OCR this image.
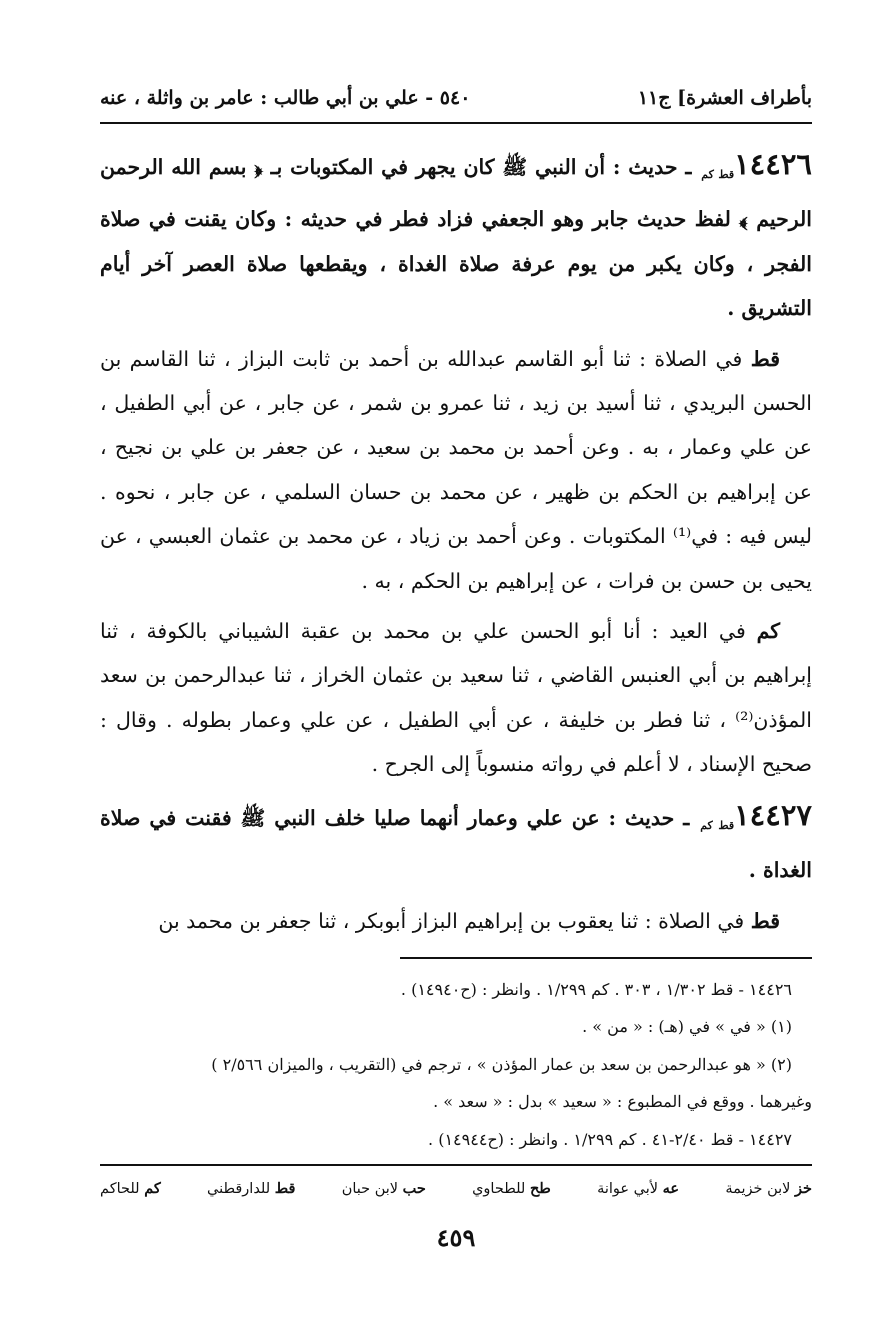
بأطراف العشرة] ج١١
٥٤٠ - علي بن أبي طالب : عامر بن واثلة ، عنه

١٤٤٢٦قط كم ـ حديث : أن النبي ﷺ كان يجهر في المكتوبات بـ ﴿ بسم الله الرحمن الرحيم ﴾ لفظ حديث جابر وهو الجعفي فزاد فطر في حديثه : وكان يقنت في صلاة الفجر ، وكان يكبر من يوم عرفة صلاة الغداة ، ويقطعها صلاة العصر آخر أيام التشريق .

قط في الصلاة : ثنا أبو القاسم عبدالله بن أحمد بن ثابت البزاز ، ثنا القاسم بن الحسن البريدي ، ثنا أسيد بن زيد ، ثنا عمرو بن شمر ، عن جابر ، عن أبي الطفيل ، عن علي وعمار ، به . وعن أحمد بن محمد بن سعيد ، عن جعفر بن علي بن نجيح ، عن إبراهيم بن الحكم بن ظهير ، عن محمد بن حسان السلمي ، عن جابر ، نحوه . ليس فيه : في⁽¹⁾ المكتوبات . وعن أحمد بن زياد ، عن محمد بن عثمان العبسي ، عن يحيى بن حسن بن فرات ، عن إبراهيم بن الحكم ، به .

كم في العيد : أنا أبو الحسن علي بن محمد بن عقبة الشيباني بالكوفة ، ثنا إبراهيم بن أبي العنبس القاضي ، ثنا سعيد بن عثمان الخراز ، ثنا عبدالرحمن بن سعد المؤذن⁽²⁾ ، ثنا فطر بن خليفة ، عن أبي الطفيل ، عن علي وعمار بطوله . وقال : صحيح الإسناد ، لا أعلم في رواته منسوباً إلى الجرح .

١٤٤٢٧قط كم ـ حديث : عن علي وعمار أنهما صليا خلف النبي ﷺ فقنت في صلاة الغداة .

قط في الصلاة : ثنا يعقوب بن إبراهيم البزاز أبوبكر ، ثنا جعفر بن محمد بن

١٤٤٢٦ - قط ١/٣٠٢ ، ٣٠٣ . كم ١/٢٩٩ . وانظر : (ح١٤٩٤٠) .

(١) « في » في (هـ) : « من » .

(٢) « هو عبدالرحمن بن سعد بن عمار المؤذن » ، ترجم في (التقريب ، والميزان ٢/٥٦٦ )

وغيرهما . ووقع في المطبوع : « سعيد » بدل : « سعد » .

١٤٤٢٧ - قط ٢/٤٠-٤١ . كم ١/٢٩٩ . وانظر : (ح١٤٩٤٤) .

خز لابن خزيمة
عه لأبي عوانة
طح للطحاوي
حب لابن حبان
قط للدارقطني
كم للحاكم
٤٥٩
